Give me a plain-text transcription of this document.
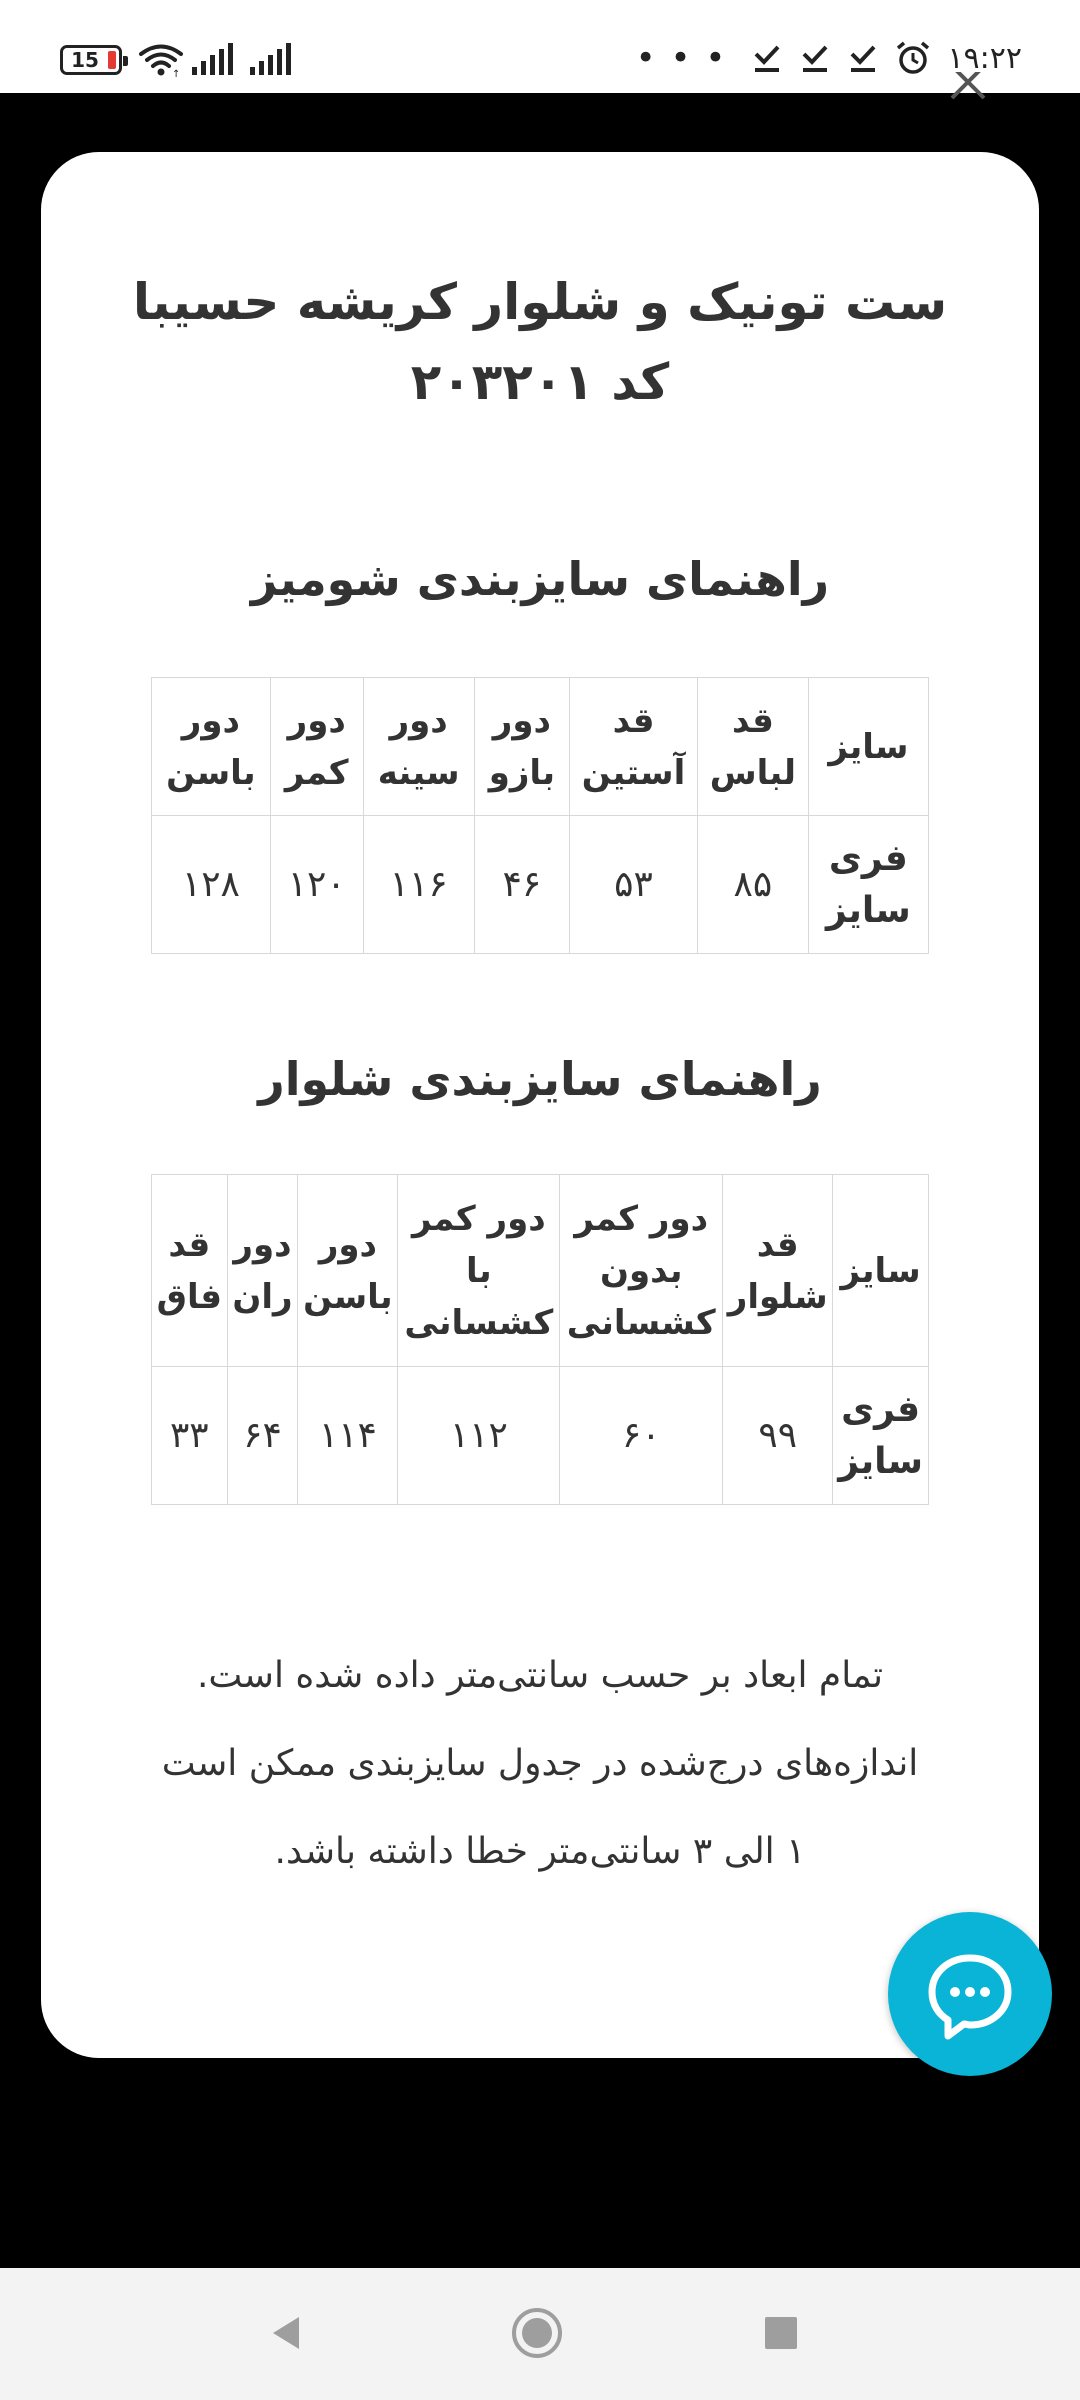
15
↑	• • •	۱۹:۲۲
ست تونیک و شلوار کریشه حسیبا کد ۲۰۳۲۰۱
راهنمای سایزبندی شومیز
سایز	قد لباس	قد آستین	دور بازو	دور سینه	دور کمر	دور باسن
فری سایز	۸۵	۵۳	۴۶	۱۱۶	۱۲۰	۱۲۸
راهنمای سایزبندی شلوار
سایز	قد شلوار	دور کمر بدون کشسانی	دور کمر با کشسانی	دور باسن	دور ران	قد فاق
فری سایز	۹۹	۶۰	۱۱۲	۱۱۴	۶۴	۳۳
تمام ابعاد بر حسب سانتی‌متر داده شده است.
اندازه‌های درج‌شده در جدول سایزبندی ممکن است
۱ الی ۳ سانتی‌متر خطا داشته باشد.
